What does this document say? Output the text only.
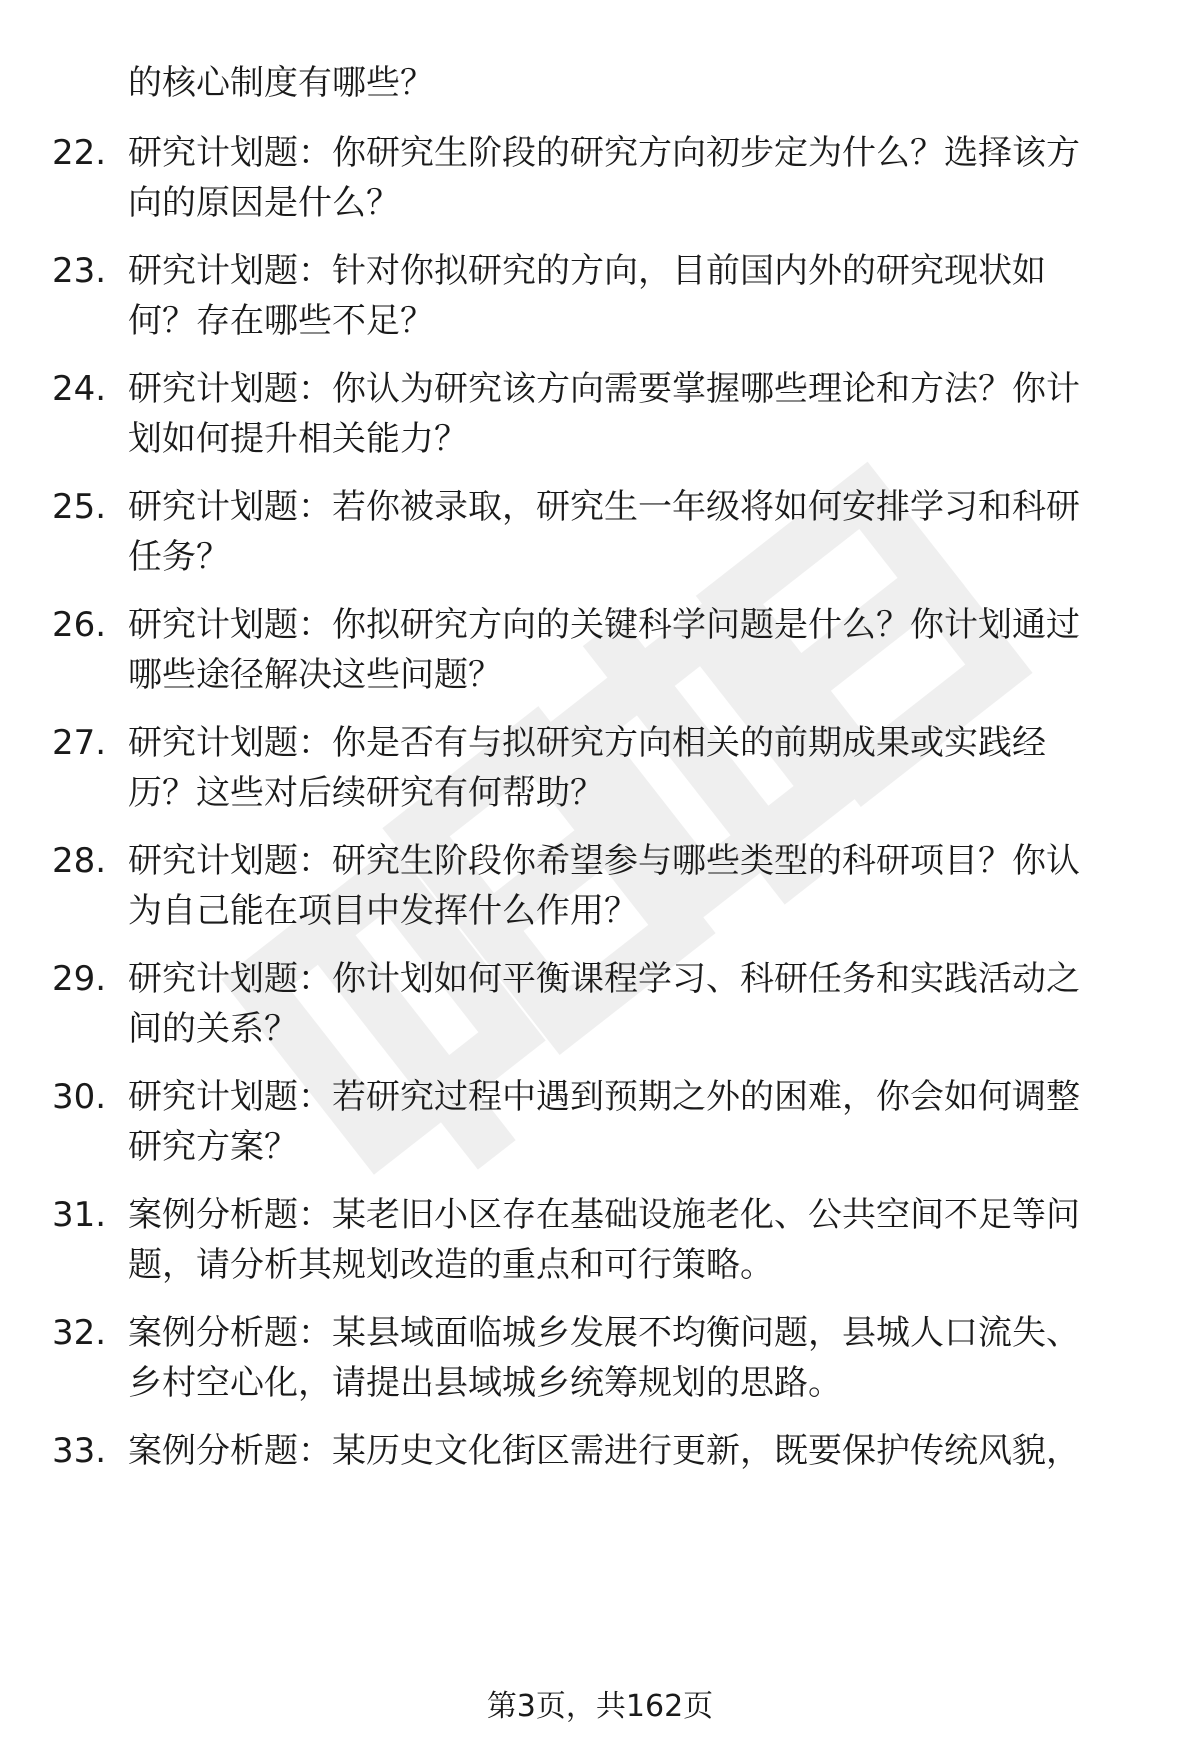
的核心制度有哪些？
22. 研究计划题：你研究生阶段的研究方向初步定为什么？选择该方
向的原因是什么？
23. 研究计划题：针对你拟研究的方向，目前国内外的研究现状如
何？存在哪些不足？
24. 研究计划题：你认为研究该方向需要掌握哪些理论和方法？你计
划如何提升相关能力？
25. 研究计划题：若你被录取，研究生一年级将如何安排学习和科研
任务？
26. 研究计划题：你拟研究方向的关键科学问题是什么？你计划通过
哪些途径解决这些问题？
27. 研究计划题：你是否有与拟研究方向相关的前期成果或实践经
历？这些对后续研究有何帮助？
28. 研究计划题：研究生阶段你希望参与哪些类型的科研项目？你认
为自己能在项目中发挥什么作用？
29. 研究计划题：你计划如何平衡课程学习、科研任务和实践活动之
间的关系？
30. 研究计划题：若研究过程中遇到预期之外的困难，你会如何调整
研究方案？
31. 案例分析题：某老旧小区存在基础设施老化、公共空间不足等问
题，请分析其规划改造的重点和可行策略。
32. 案例分析题：某县域面临城乡发展不均衡问题，县城人口流失、
乡村空心化，请提出县域城乡统筹规划的思路。
33. 案例分析题：某历史文化街区需进行更新，既要保护传统风貌，
第3页，共162页
